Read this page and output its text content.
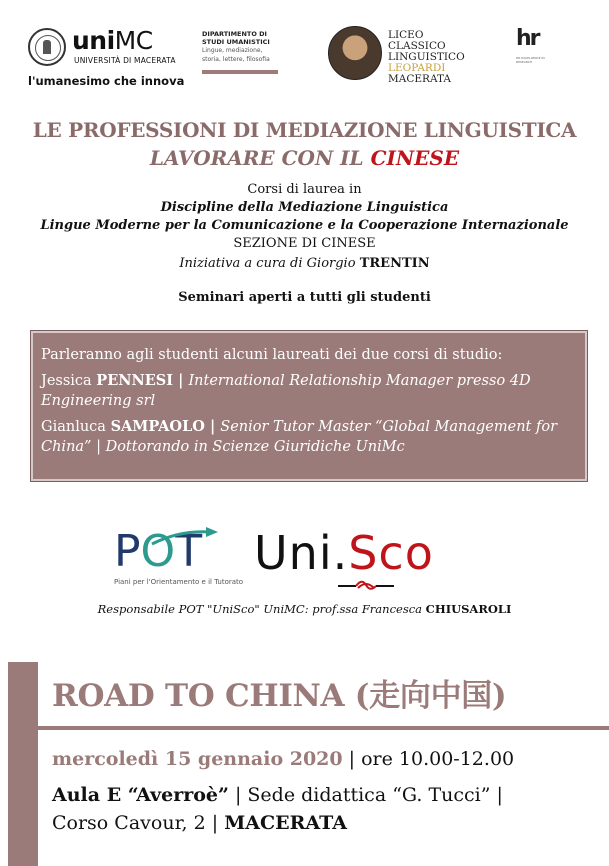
uniMC
UNIVERSITÀ DI MACERATA
l'umanesimo che innova
DIPARTIMENTO DI
STUDI UMANISTICI
Lingue, mediazione,
storia, lettere, filosofia
LICEO
CLASSICO
LINGUISTICO
LEOPARDI
MACERATA
hr
HR EXCELLENCE IN RESEARCH
LE PROFESSIONI DI MEDIAZIONE LINGUISTICA
LAVORARE CON IL CINESE
Corsi di laurea in
Discipline della Mediazione Linguistica
Lingue Moderne per la Comunicazione e la Cooperazione Internazionale
SEZIONE DI CINESE
Iniziativa a cura di Giorgio TRENTIN
Seminari aperti a tutti gli studenti

Parleranno agli studenti alcuni laureati dei due corsi di studio:

Jessica PENNESI | International Relationship Manager presso 4D Engineering srl

Gianluca SAMPAOLO | Senior Tutor Master “Global Management for China” | Dottorando in Scienze Giuridiche UniMc

POT
Piani per l'Orientamento e il Tutorato
Uni.Sco
Responsabile POT "UniSco" UniMC: prof.ssa Francesca CHIUSAROLI
ROAD TO CHINA (走向中国)
mercoledì 15 gennaio 2020 | ore 10.00-12.00
Aula E “Averroè” | Sede didattica “G. Tucci” |
Corso Cavour, 2 | MACERATA
